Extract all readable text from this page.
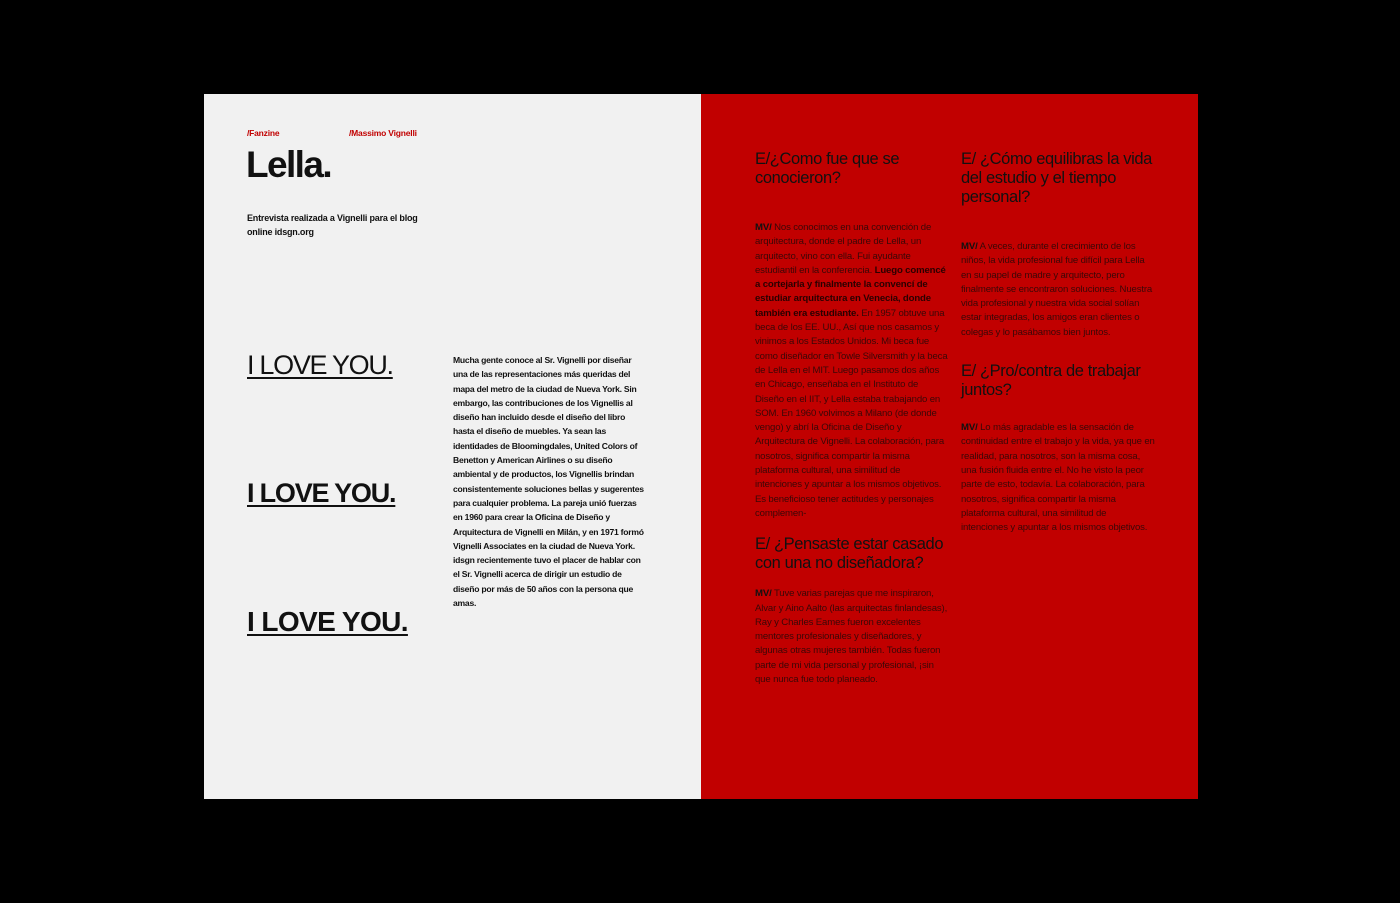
/Fanzine	/Massimo Vignelli
Lella.
Entrevista realizada a Vignelli para el blog online idsgn.org

I LOVE YOU.

I LOVE YOU.

I LOVE YOU.

Mucha gente conoce al Sr. Vignelli por diseñar una de las representaciones más queridas del mapa del metro de la ciudad de Nueva York. Sin embargo, las contribuciones de los Vignellis al diseño han incluido desde el diseño del libro hasta el diseño de muebles. Ya sean las identidades de Bloomingdales, United Colors of Benetton y American Airlines o su diseño ambiental y de productos, los Vignellis brindan consistentemente soluciones bellas y sugerentes para cualquier problema. La pareja unió fuerzas en 1960 para crear la Oficina de Diseño y Arquitectura de Vignelli en Milán, y en 1971 formó Vignelli Associates en la ciudad de Nueva York. idsgn recientemente tuvo el placer de hablar con el Sr. Vignelli acerca de dirigir un estudio de diseño por más de 50 años con la persona que amas.
E/¿Como fue que se conocieron?
MV/ Nos conocimos en una convención de arquitectura, donde el padre de Lella, un arquitecto, vino con ella. Fui ayudante estudiantil en la conferencia. Luego comencé a cortejarla y finalmente la convencí de estudiar arquitectura en Venecia, donde también era estudiante. En 1957 obtuve una beca de los EE. UU., Así que nos casamos y vinimos a los Estados Unidos. Mi beca fue como diseñador en Towle Silversmith y la beca de Lella en el MIT. Luego pasamos dos años en Chicago, enseñaba en el Instituto de Diseño en el IIT, y Lella estaba trabajando en SOM. En 1960 volvimos a Milano (de donde vengo) y abrí la Oficina de Diseño y Arquitectura de Vignelli. La colaboración, para nosotros, significa compartir la misma plataforma cultural, una similitud de intenciones y apuntar a los mismos objetivos. Es beneficioso tener actitudes y personajes complemen-
E/ ¿Pensaste estar casado con una no diseñadora?
MV/ Tuve varias parejas que me inspiraron, Alvar y Aino Aalto (las arquitectas finlandesas), Ray y Charles Eames fueron excelentes mentores profesionales y diseñadores, y algunas otras mujeres también. Todas fueron parte de mi vida personal y profesional, ¡sin que nunca fue todo planeado.
E/ ¿Cómo equilibras la vida del estudio y el tiempo personal?
MV/ A veces, durante el crecimiento de los niños, la vida profesional fue difícil para Lella en su papel de madre y arquitecto, pero finalmente se encontraron soluciones. Nuestra vida profesional y nuestra vida social solían estar integradas, los amigos eran clientes o colegas y lo pasábamos bien juntos.
E/ ¿Pro/contra de trabajar juntos?
MV/ Lo más agradable es la sensación de continuidad entre el trabajo y la vida, ya que en realidad, para nosotros, son la misma cosa, una fusión fluida entre el. No he visto la peor parte de esto, todavía. La colaboración, para nosotros, significa compartir la misma plataforma cultural, una similitud de intenciones y apuntar a los mismos objetivos.
